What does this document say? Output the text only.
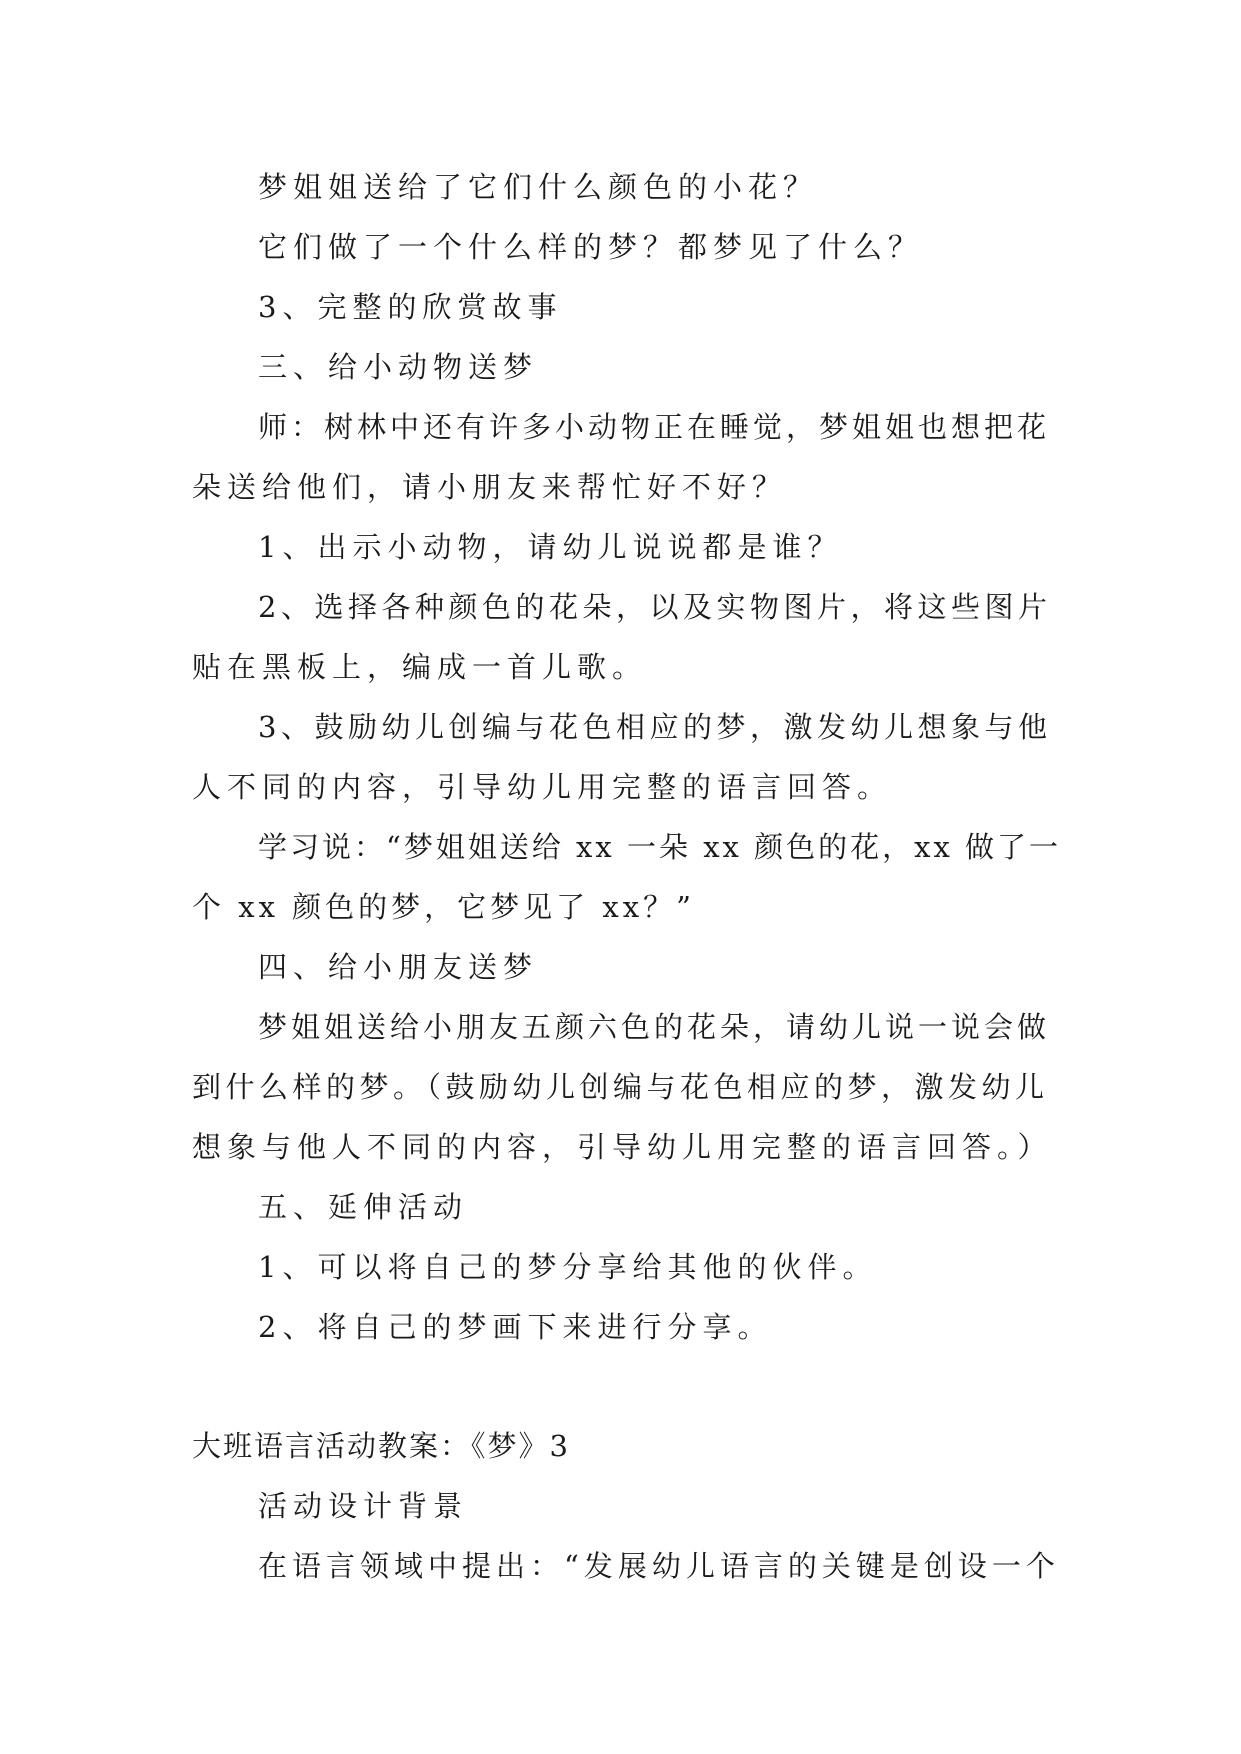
梦姐姐送给了它们什么颜色的小花？

它们做了一个什么样的梦？都梦见了什么？

3、完整的欣赏故事

三、给小动物送梦

师：树林中还有许多小动物正在睡觉，梦姐姐也想把花

朵送给他们，请小朋友来帮忙好不好？

1、出示小动物，请幼儿说说都是谁？

2、选择各种颜色的花朵，以及实物图片，将这些图片

贴在黑板上，编成一首儿歌。

3、鼓励幼儿创编与花色相应的梦，激发幼儿想象与他

人不同的内容，引导幼儿用完整的语言回答。

学习说：“梦姐姐送给 xx 一朵 xx 颜色的花，xx 做了一

个 xx 颜色的梦，它梦见了 xx？”

四、给小朋友送梦

梦姐姐送给小朋友五颜六色的花朵，请幼儿说一说会做

到什么样的梦。（鼓励幼儿创编与花色相应的梦，激发幼儿

想象与他人不同的内容，引导幼儿用完整的语言回答。）

五、延伸活动

1、可以将自己的梦分享给其他的伙伴。

2、将自己的梦画下来进行分享。

大班语言活动教案：《梦》3

活动设计背景

在语言领域中提出：“发展幼儿语言的关键是创设一个
